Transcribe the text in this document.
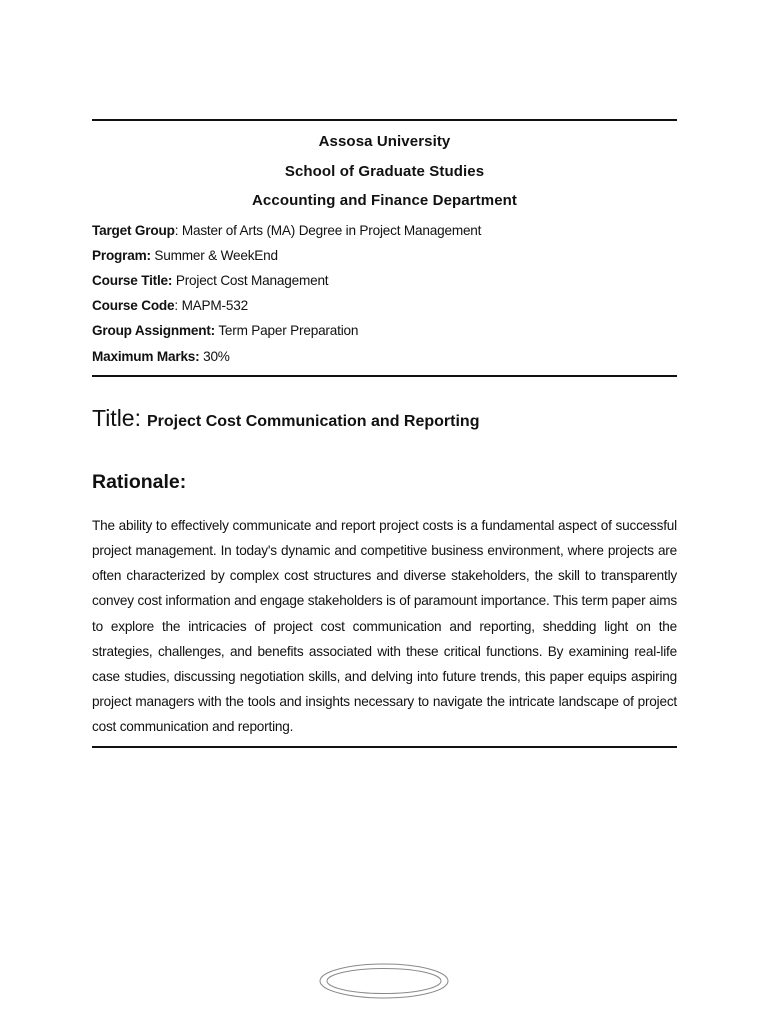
Assosa University
School of Graduate Studies
Accounting and Finance Department
Target Group: Master of Arts (MA) Degree in Project Management
Program: Summer & WeekEnd
Course Title: Project Cost Management
Course Code: MAPM-532
Group Assignment: Term Paper Preparation
Maximum Marks: 30%
Title: Project Cost Communication and Reporting
Rationale:
The ability to effectively communicate and report project costs is a fundamental aspect of successful project management. In today's dynamic and competitive business environment, where projects are often characterized by complex cost structures and diverse stakeholders, the skill to transparently convey cost information and engage stakeholders is of paramount importance. This term paper aims to explore the intricacies of project cost communication and reporting, shedding light on the strategies, challenges, and benefits associated with these critical functions. By examining real-life case studies, discussing negotiation skills, and delving into future trends, this paper equips aspiring project managers with the tools and insights necessary to navigate the intricate landscape of project cost communication and reporting.
